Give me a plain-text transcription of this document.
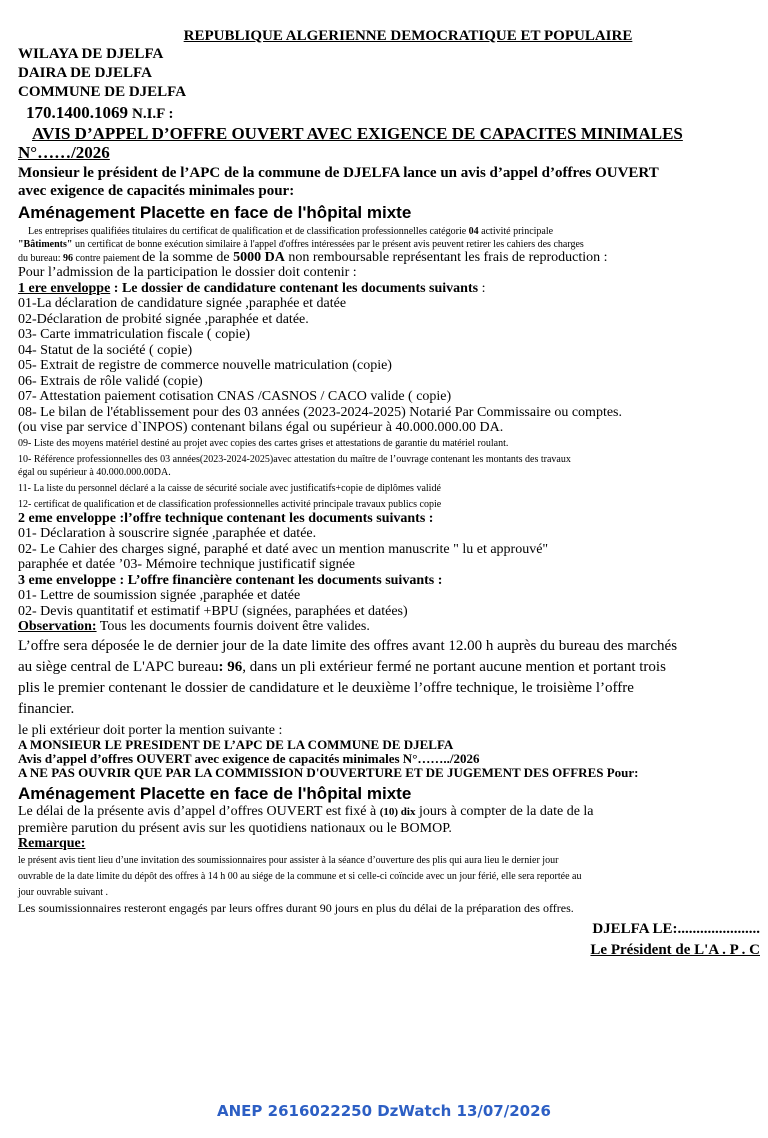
REPUBLIQUE ALGERIENNE DEMOCRATIQUE ET POPULAIRE
WILAYA DE DJELFA
DAIRA DE DJELFA
COMMUNE DE DJELFA
170.1400.1069 N.I.F :
AVIS D’APPEL D’OFFRE OUVERT AVEC EXIGENCE DE CAPACITES MINIMALES
N°……/2026
Monsieur le président de l’APC de la commune de DJELFA lance un avis d’appel d’offres OUVERT
avec exigence de capacités minimales pour:
Aménagement Placette en face de l'hôpital mixte
Les entreprises qualifiées titulaires du certificat de qualification et de classification professionnelles catégorie 04 activité principale
"Bâtiments" un certificat de bonne exécution similaire à l'appel d'offres intéressées par le présent avis peuvent retirer les cahiers des charges
du bureau: 96 contre paiement de la somme de 5000 DA non remboursable représentant les frais de reproduction :
Pour l’admission de la participation le dossier doit contenir :
1 ere enveloppe : Le dossier de candidature contenant les documents suivants :
01-La déclaration de candidature signée ,paraphée et datée
02-Déclaration de probité signée ,paraphée et datée.
03- Carte immatriculation fiscale ( copie)
04- Statut de la société ( copie)
05- Extrait de registre de commerce nouvelle matriculation (copie)
06- Extrais de rôle validé (copie)
07- Attestation paiement cotisation CNAS /CASNOS / CACO valide ( copie)
08- Le bilan de l'établissement pour des 03 années (2023-2024-2025) Notarié Par Commissaire ou comptes.
(ou vise par service d`INPOS) contenant bilans égal ou supérieur à 40.000.000.00 DA.
09- Liste des moyens matériel destiné au projet avec copies des cartes grises et attestations de garantie du matériel roulant.
10- Référence professionnelles des 03 années(2023-2024-2025)avec attestation du maître de l’ouvrage contenant les montants des travaux
égal ou supérieur à 40.000.000.00DA.
11- La liste du personnel déclaré a la caisse de sécurité sociale avec justificatifs+copie de diplômes validé
12- certificat de qualification et de classification professionnelles activité principale travaux publics copie
2 eme enveloppe :l’offre technique contenant les documents suivants :
01- Déclaration à souscrire signée ,paraphée et datée.
02- Le Cahier des charges signé, paraphé et daté avec un mention manuscrite " lu et approuvé"
paraphée et datée ’03- Mémoire technique justificatif signée
3 eme enveloppe : L’offre financière contenant les documents suivants :
01- Lettre de soumission signée ,paraphée et datée
02- Devis quantitatif et estimatif +BPU (signées, paraphées et datées)
Observation: Tous les documents fournis doivent être valides.
L’offre sera déposée le de dernier jour de la date limite des offres avant 12.00 h auprès du bureau des marchés
au siège central de L'APC bureau: 96, dans un pli extérieur fermé ne portant aucune mention et portant trois
plis le premier contenant le dossier de candidature et le deuxième l’offre technique, le troisième l’offre
financier.
le pli extérieur doit porter la mention suivante :
A MONSIEUR LE PRESIDENT DE L’APC DE LA COMMUNE DE DJELFA
Avis d’appel d’offres OUVERT avec exigence de capacités minimales N°……../2026
A NE PAS OUVRIR QUE PAR LA COMMISSION D'OUVERTURE ET DE JUGEMENT DES OFFRES Pour:
Aménagement Placette en face de l'hôpital mixte
Le délai de la présente avis d’appel d’offres OUVERT est fixé à (10) dix jours à compter de la date de la
première parution du présent avis sur les quotidiens nationaux ou le BOMOP.
Remarque:
le présent avis tient lieu d’une invitation des soumissionnaires pour assister à la séance d’ouverture des plis qui aura lieu le dernier jour
ouvrable de la date limite du dépôt des offres à 14 h 00 au siége de la commune et si celle-ci coïncide avec un jour férié, elle sera reportée au
jour ouvrable suivant .
Les soumissionnaires resteront engagés par leurs offres durant 90 jours en plus du délai de la préparation des offres.
DJELFA LE:......................
Le Président de L'A . P . C
ANEP 2616022250 DzWatch 13/07/2026
